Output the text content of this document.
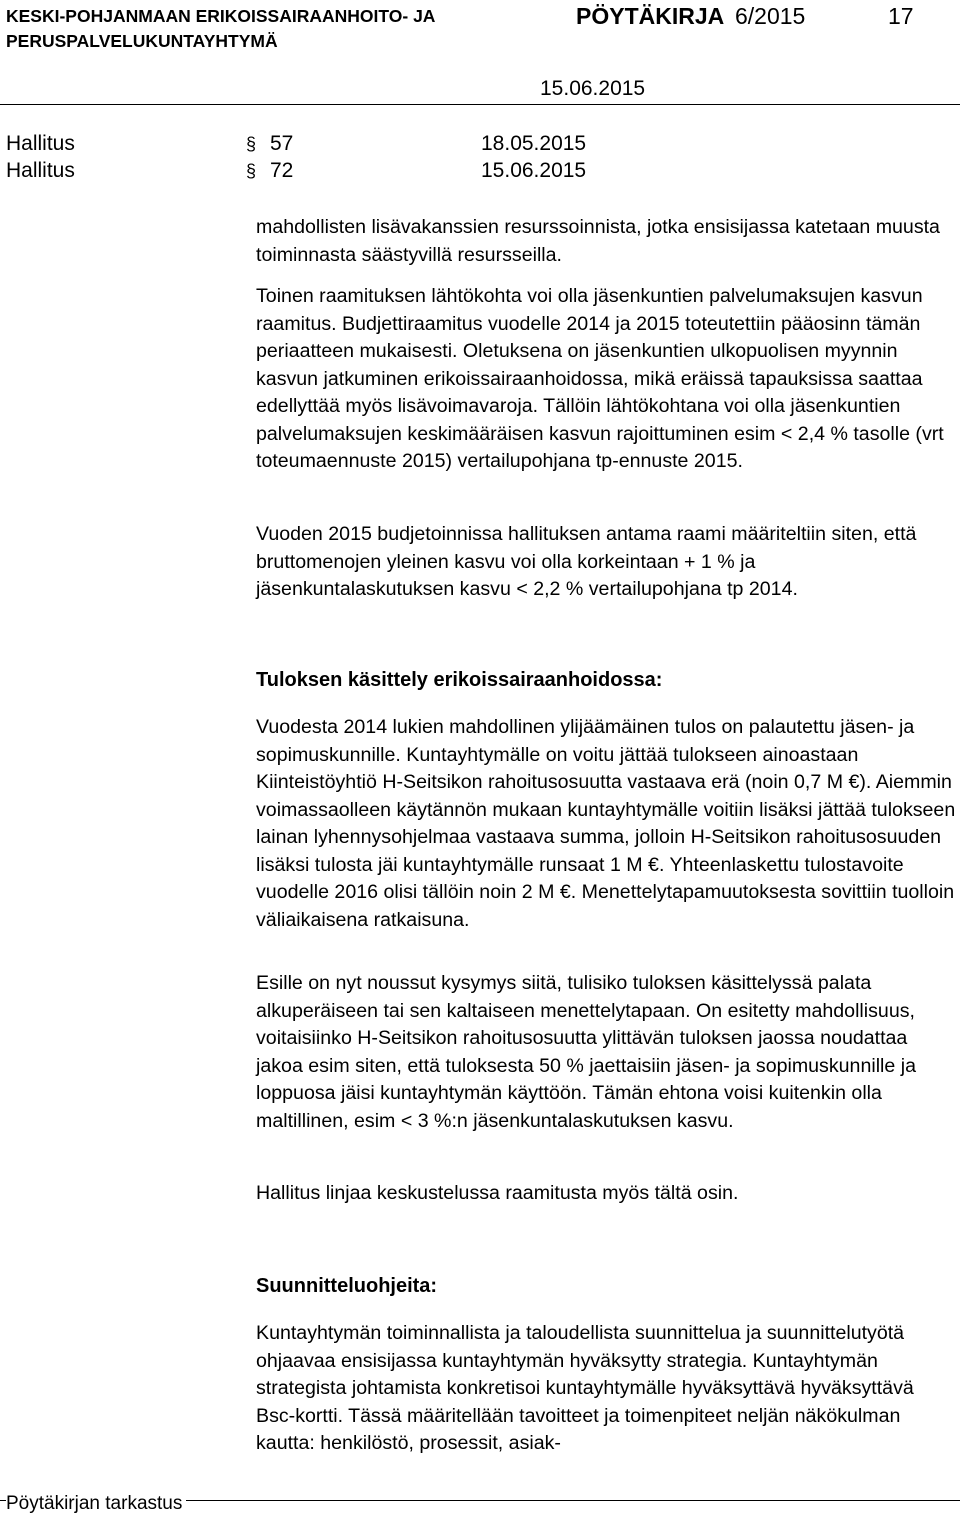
KESKI-POHJANMAAN ERIKOISSAIRAANHOITO- JA
PERUSPALVELUKUNTAYHTYMÄ
PÖYTÄKIRJA 6/2015	17
15.06.2015
Hallitus	§ 57	18.05.2015
Hallitus	§ 72	15.06.2015

mahdollisten lisävakanssien resurssoinnista, jotka ensisijassa katetaan muusta toiminnasta säästyvillä resursseilla.

Toinen raamituksen lähtökohta voi olla jäsenkuntien palvelumaksujen kasvun raamitus. Budjettiraamitus vuodelle 2014 ja 2015 toteutettiin pääosinn tämän periaatteen mukaisesti. Oletuksena on jäsenkuntien ulkopuolisen myynnin kasvun jatkuminen erikoissairaanhoidossa, mikä eräissä tapauksissa saattaa edellyttää myös lisävoimavaroja. Tällöin lähtökohtana voi olla jäsenkuntien palvelumaksujen keskimääräisen kasvun rajoittuminen esim < 2,4 % tasolle (vrt toteumaennuste 2015) vertailupohjana tp-ennuste 2015.

Vuoden 2015 budjetoinnissa hallituksen antama raami määriteltiin siten, että bruttomenojen yleinen kasvu voi olla korkeintaan + 1 % ja jäsenkuntalaskutuksen kasvu < 2,2 % vertailupohjana tp 2014.

Tuloksen käsittely erikoissairaanhoidossa:

Vuodesta 2014 lukien mahdollinen ylijäämäinen tulos on palautettu jäsen- ja sopimuskunnille. Kuntayhtymälle on voitu jättää tulokseen ainoastaan Kiinteistöyhtiö H-Seitsikon rahoitusosuutta vastaava erä (noin 0,7 M €). Aiemmin voimassaolleen käytännön mukaan kuntayhtymälle voitiin lisäksi jättää tulokseen lainan lyhennysohjelmaa vastaava summa, jolloin H-Seitsikon rahoitusosuuden lisäksi tulosta jäi kuntayhtymälle runsaat 1 M €. Yhteenlaskettu tulostavoite vuodelle 2016 olisi tällöin noin 2 M €. Menettelytapamuutoksesta sovittiin tuolloin väliaikaisena ratkaisuna.

Esille on nyt noussut kysymys siitä, tulisiko tuloksen käsittelyssä palata alkuperäiseen tai sen kaltaiseen menettelytapaan. On esitetty mahdollisuus, voitaisiinko H-Seitsikon rahoitusosuutta ylittävän tuloksen jaossa noudattaa jakoa esim siten, että tuloksesta 50 % jaettaisiin jäsen- ja sopimuskunnille ja loppuosa jäisi kuntayhtymän käyttöön. Tämän ehtona voisi kuitenkin olla maltillinen, esim < 3 %:n jäsenkuntalaskutuksen kasvu.

Hallitus linjaa keskustelussa raamitusta myös tältä osin.

Suunnitteluohjeita:

Kuntayhtymän toiminnallista ja taloudellista suunnittelua ja suunnittelutyötä ohjaavaa ensisijassa kuntayhtymän hyväksytty strategia. Kuntayhtymän strategista johtamista konkretisoi kuntayhtymälle hyväksyttävä hyväksyttävä Bsc-kortti. Tässä määritellään tavoitteet ja toimenpiteet neljän näkökulman kautta: henkilöstö, prosessit, asiak-

Pöytäkirjan tarkastus
